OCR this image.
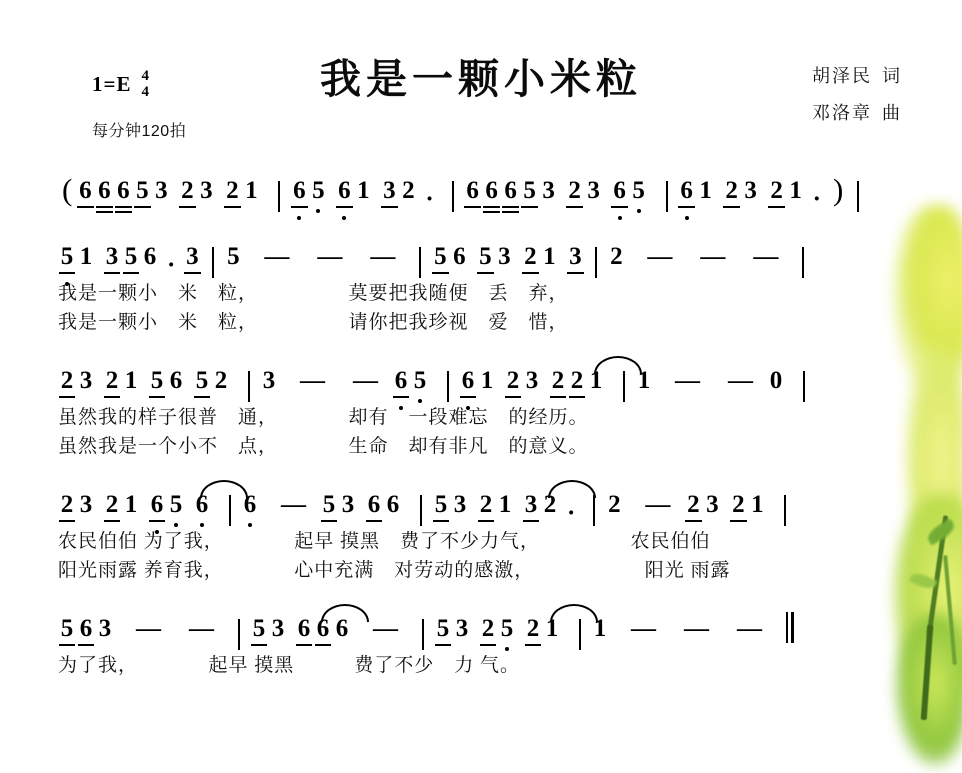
我是一颗小米粒
1=E 4
4
每分钟120拍
胡泽民 词
邓洛章 曲
( 6 6 6 5 3 2 3 2 1 6 5 6 1 3 2 · 6 6 6 5 3 2 3 6 5 6 1 2 3 2 1 · )
5 1 3 5 6 · 3 5 — — — 5 6 5 3 2 1 3 2 — — —
我是一颗小　米　粒，　　　　　莫要把我随便　丢　弃，
我是一颗小　米　粒，　　　　　请你把我珍视　爱　惜，
2 3 2 1 5 6 5 2 3 — — 6 5 6 1 2 3 2 2 1 1 — — 0
虽然我的样子很普　通，　　　　却有　一段难忘　的经历。
虽然我是一个小不　点，　　　　生命　却有非凡　的意义。
2 3 2 1 6 5 6 6 — 5 3 6 6 5 3 2 1 3 2 · 2 — 2 3 2 1
农民伯伯 为了我，　　　　起早 摸黑　费了不少力气，　　　　　农民伯伯
阳光雨露 养育我，　　　　心中充满　对劳动的感激，　　　　　　阳光 雨露
5 6 3 — — 5 3 6 6 6 — 5 3 2 5 2 1 1 — — —
为了我，　　　　起早 摸黑　　　费了不少　力 气。
